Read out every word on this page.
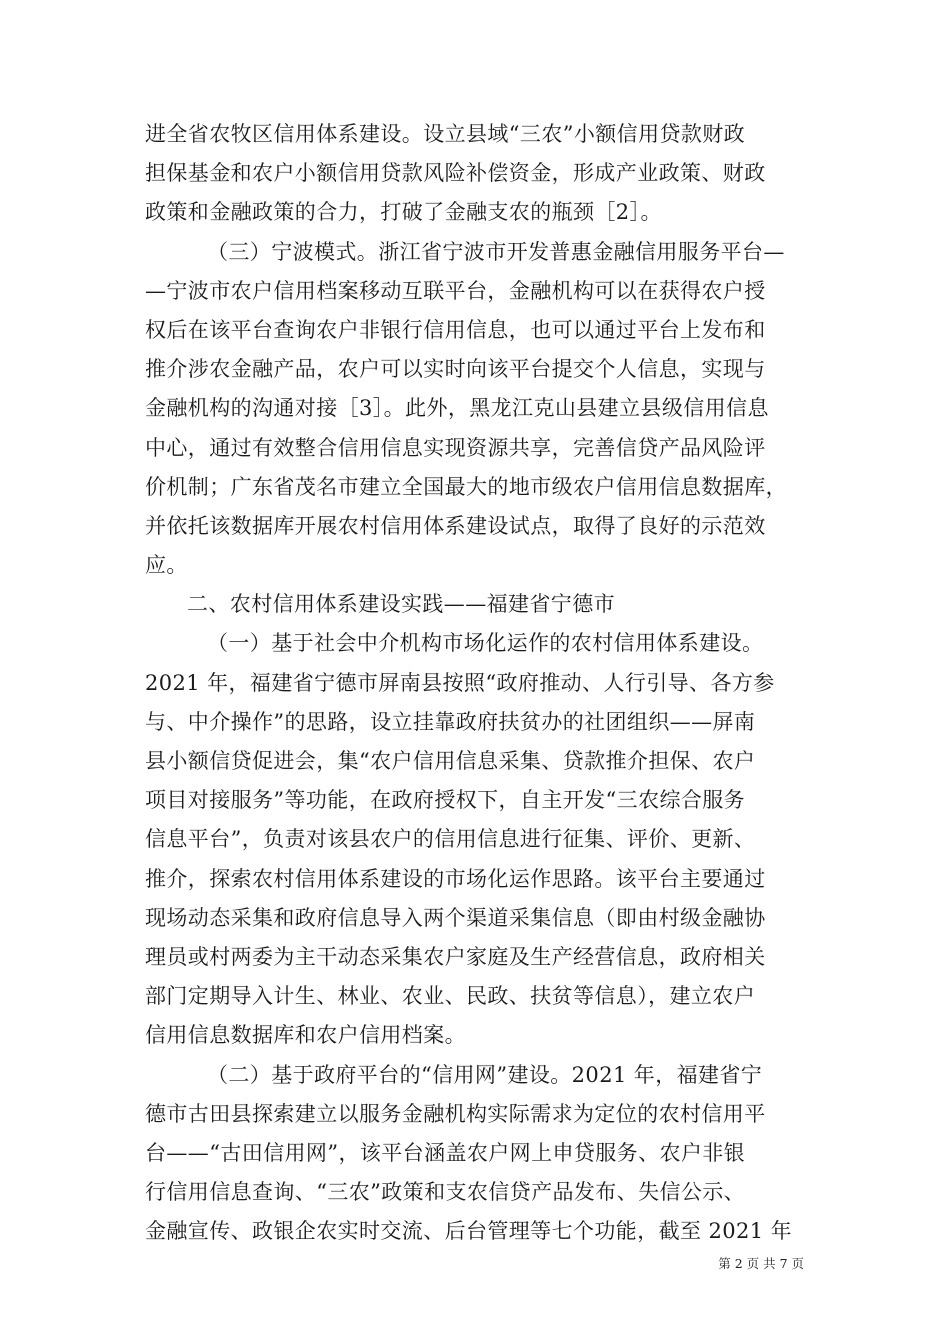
进全省农牧区信用体系建设。设立县域“三农”小额信用贷款财政
担保基金和农户小额信用贷款风险补偿资金，形成产业政策、财政
政策和金融政策的合力，打破了金融支农的瓶颈［2］。
（三）宁波模式。浙江省宁波市开发普惠金融信用服务平台—
—宁波市农户信用档案移动互联平台，金融机构可以在获得农户授
权后在该平台查询农户非银行信用信息，也可以通过平台上发布和
推介涉农金融产品，农户可以实时向该平台提交个人信息，实现与
金融机构的沟通对接［3］。此外，黑龙江克山县建立县级信用信息
中心，通过有效整合信用信息实现资源共享，完善信贷产品风险评
价机制；广东省茂名市建立全国最大的地市级农户信用信息数据库，
并依托该数据库开展农村信用体系建设试点，取得了良好的示范效
应。
二、农村信用体系建设实践——福建省宁德市
（一）基于社会中介机构市场化运作的农村信用体系建设。
2021 年，福建省宁德市屏南县按照“政府推动、人行引导、各方参
与、中介操作”的思路，设立挂靠政府扶贫办的社团组织——屏南
县小额信贷促进会，集“农户信用信息采集、贷款推介担保、农户
项目对接服务”等功能，在政府授权下，自主开发“三农综合服务
信息平台”，负责对该县农户的信用信息进行征集、评价、更新、
推介，探索农村信用体系建设的市场化运作思路。该平台主要通过
现场动态采集和政府信息导入两个渠道采集信息（即由村级金融协
理员或村两委为主干动态采集农户家庭及生产经营信息，政府相关
部门定期导入计生、林业、农业、民政、扶贫等信息），建立农户
信用信息数据库和农户信用档案。
（二）基于政府平台的“信用网”建设。2021 年，福建省宁
德市古田县探索建立以服务金融机构实际需求为定位的农村信用平
台——“古田信用网”，该平台涵盖农户网上申贷服务、农户非银
行信用信息查询、“三农”政策和支农信贷产品发布、失信公示、
金融宣传、政银企农实时交流、后台管理等七个功能，截至 2021 年
第 2 页 共 7 页
